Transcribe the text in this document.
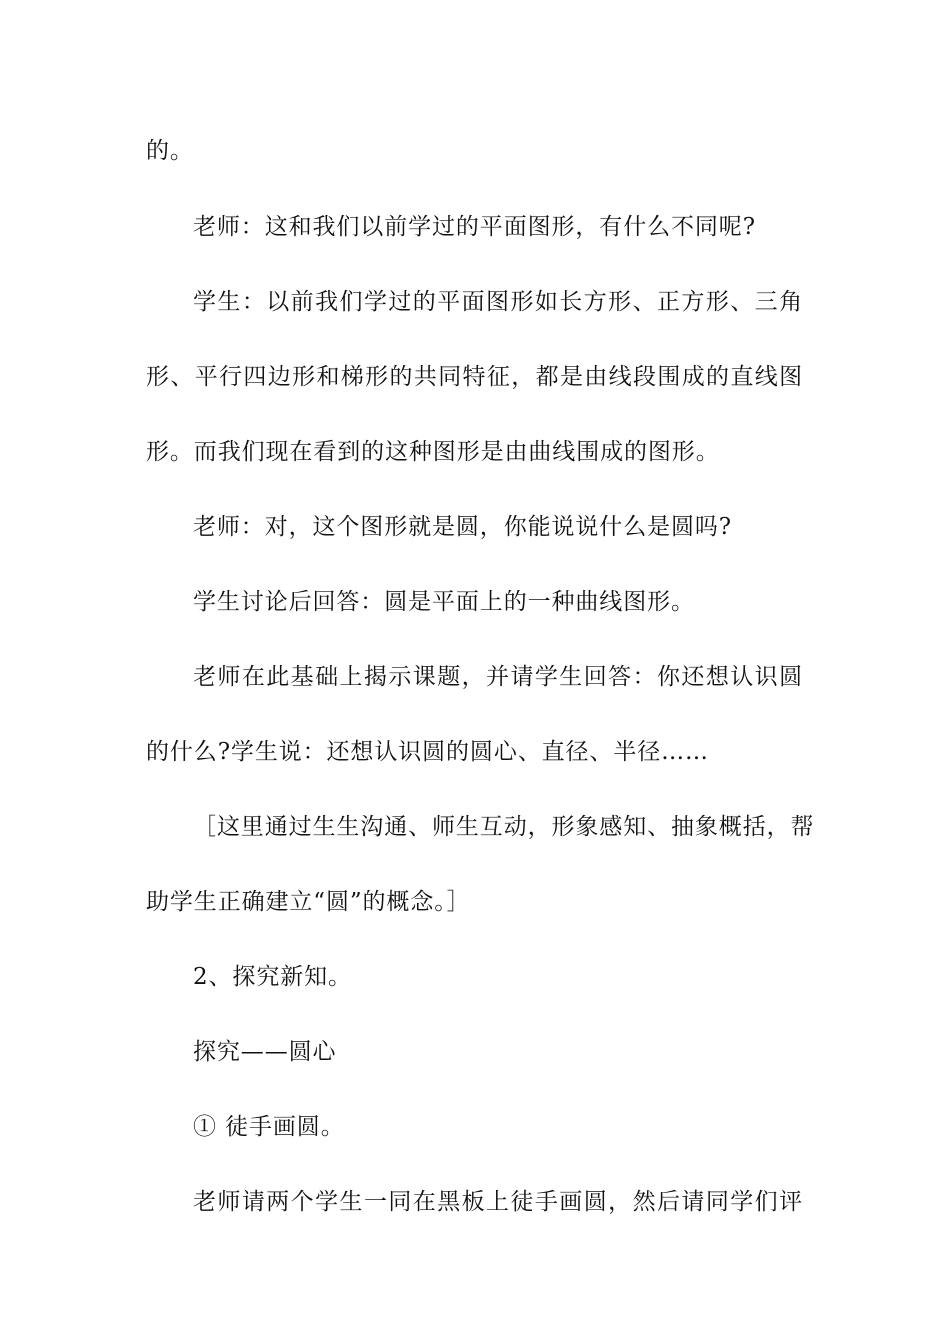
的。
老师：这和我们以前学过的平面图形，有什么不同呢?
学生：以前我们学过的平面图形如长方形、正方形、三角
形、平行四边形和梯形的共同特征，都是由线段围成的直线图
形。而我们现在看到的这种图形是由曲线围成的图形。
老师：对，这个图形就是圆，你能说说什么是圆吗?
学生讨论后回答：圆是平面上的一种曲线图形。
老师在此基础上揭示课题，并请学生回答：你还想认识圆
的什么?学生说：还想认识圆的圆心、直径、半径……
［这里通过生生沟通、师生互动，形象感知、抽象概括，帮
助学生正确建立“圆”的概念。］
2、探究新知。
探究——圆心
① 徒手画圆。
老师请两个学生一同在黑板上徒手画圆，然后请同学们评
